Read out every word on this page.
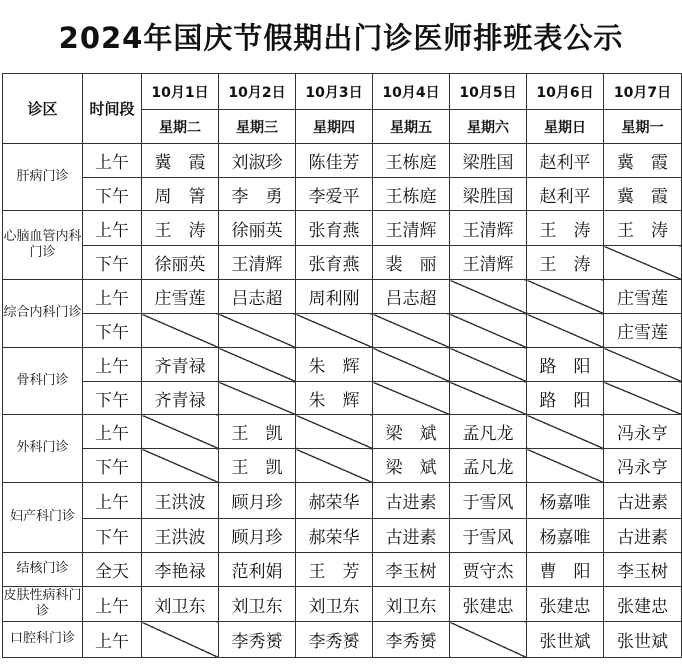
2024年国庆节假期出门诊医师排班表公示
诊区	时间段	10月1日	10月2日	10月3日	10月4日	10月5日	10月6日	10月7日
		星期二	星期三	星期四	星期五	星期六	星期日	星期一
肝病门诊	上午	冀　霞	刘淑珍	陈佳芳	王栋庭	梁胜国	赵利平	冀　霞
	下午	周　箐	李　勇	李爱平	王栋庭	梁胜国	赵利平	冀　霞
心脑血管内科门诊	上午	王　涛	徐丽英	张育燕	王清辉	王清辉	王　涛	王　涛
	下午	徐丽英	王清辉	张育燕	裴　丽	王清辉	王　涛	
综合内科门诊	上午	庄雪莲	吕志超	周利刚	吕志超			庄雪莲
	下午							庄雪莲
骨科门诊	上午	齐青禄		朱　辉			路　阳	
	下午	齐青禄		朱　辉			路　阳	
外科门诊	上午		王　凯		梁　斌	孟凡龙		冯永亨
	下午		王　凯		梁　斌	孟凡龙		冯永亨
妇产科门诊	上午	王洪波	顾月珍	郝荣华	古进素	于雪风	杨嘉唯	古进素
	下午	王洪波	顾月珍	郝荣华	古进素	于雪风	杨嘉唯	古进素
结核门诊	全天	李艳禄	范利娟	王　芳	李玉树	贾守杰	曹　阳	李玉树
皮肤性病科门诊	上午	刘卫东	刘卫东	刘卫东	刘卫东	张建忠	张建忠	张建忠
口腔科门诊	上午		李秀赟	李秀赟	李秀赟		张世斌	张世斌
